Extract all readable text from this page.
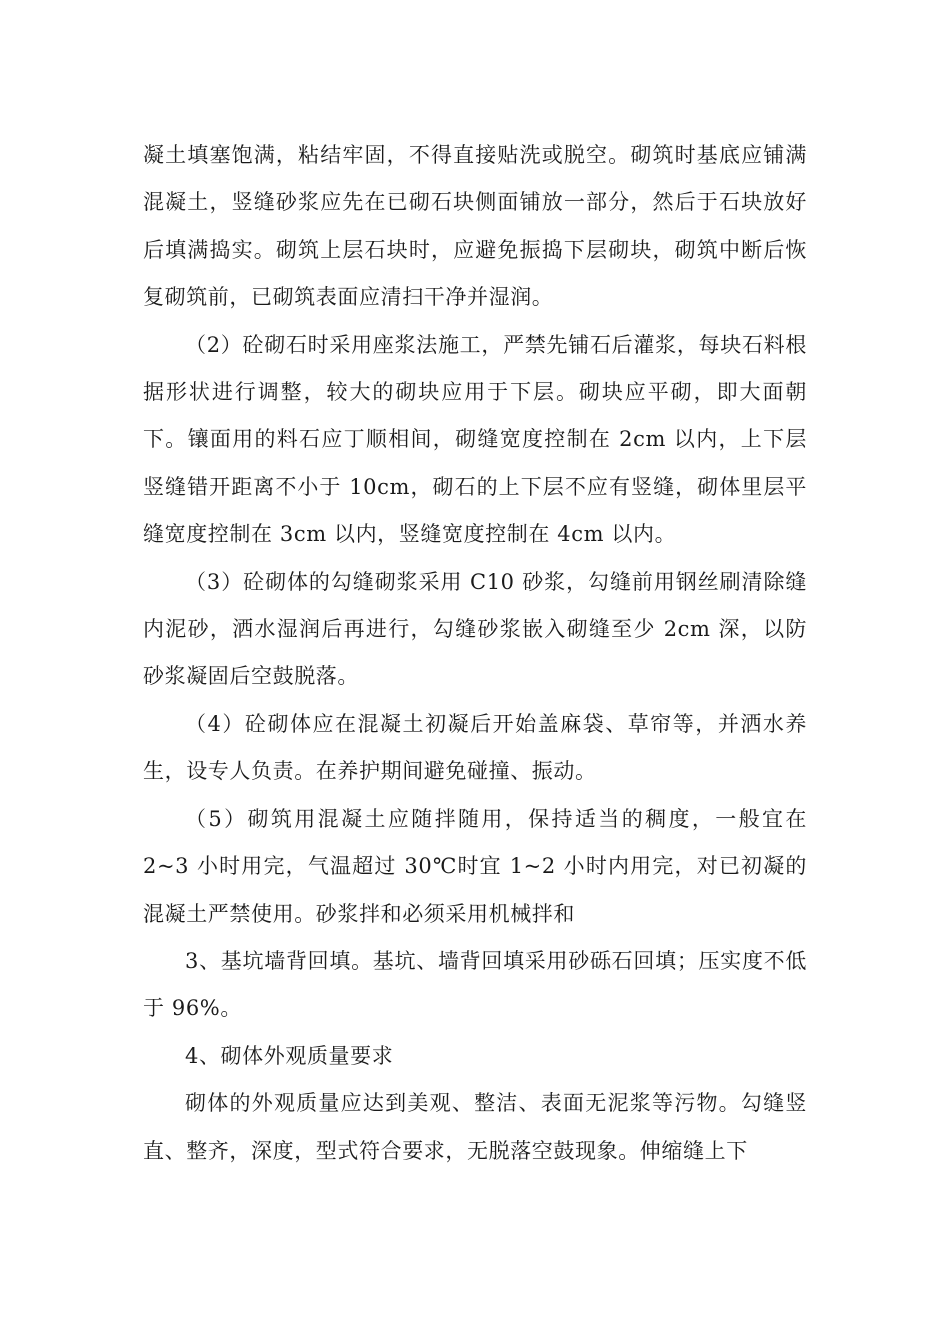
凝土填塞饱满，粘结牢固，不得直接贴洗或脱空。砌筑时基底应铺满混凝土，竖缝砂浆应先在已砌石块侧面铺放一部分，然后于石块放好后填满捣实。砌筑上层石块时，应避免振捣下层砌块，砌筑中断后恢复砌筑前，已砌筑表面应清扫干净并湿润。

（2）砼砌石时采用座浆法施工，严禁先铺石后灌浆，每块石料根据形状进行调整，较大的砌块应用于下层。砌块应平砌，即大面朝下。镶面用的料石应丁顺相间，砌缝宽度控制在 2cm 以内，上下层竖缝错开距离不小于 10cm，砌石的上下层不应有竖缝，砌体里层平缝宽度控制在 3cm 以内，竖缝宽度控制在 4cm 以内。

（3）砼砌体的勾缝砌浆采用 C10 砂浆，勾缝前用钢丝刷清除缝内泥砂，洒水湿润后再进行，勾缝砂浆嵌入砌缝至少 2cm 深，以防砂浆凝固后空鼓脱落。

（4）砼砌体应在混凝土初凝后开始盖麻袋、草帘等，并洒水养生，设专人负责。在养护期间避免碰撞、振动。

（5）砌筑用混凝土应随拌随用，保持适当的稠度，一般宜在 2~3 小时用完，气温超过 30℃时宜 1~2 小时内用完，对已初凝的混凝土严禁使用。砂浆拌和必须采用机械拌和

3、基坑墙背回填。基坑、墙背回填采用砂砾石回填；压实度不低于 96%。

4、砌体外观质量要求

砌体的外观质量应达到美观、整洁、表面无泥浆等污物。勾缝竖直、整齐，深度，型式符合要求，无脱落空鼓现象。伸缩缝上下
